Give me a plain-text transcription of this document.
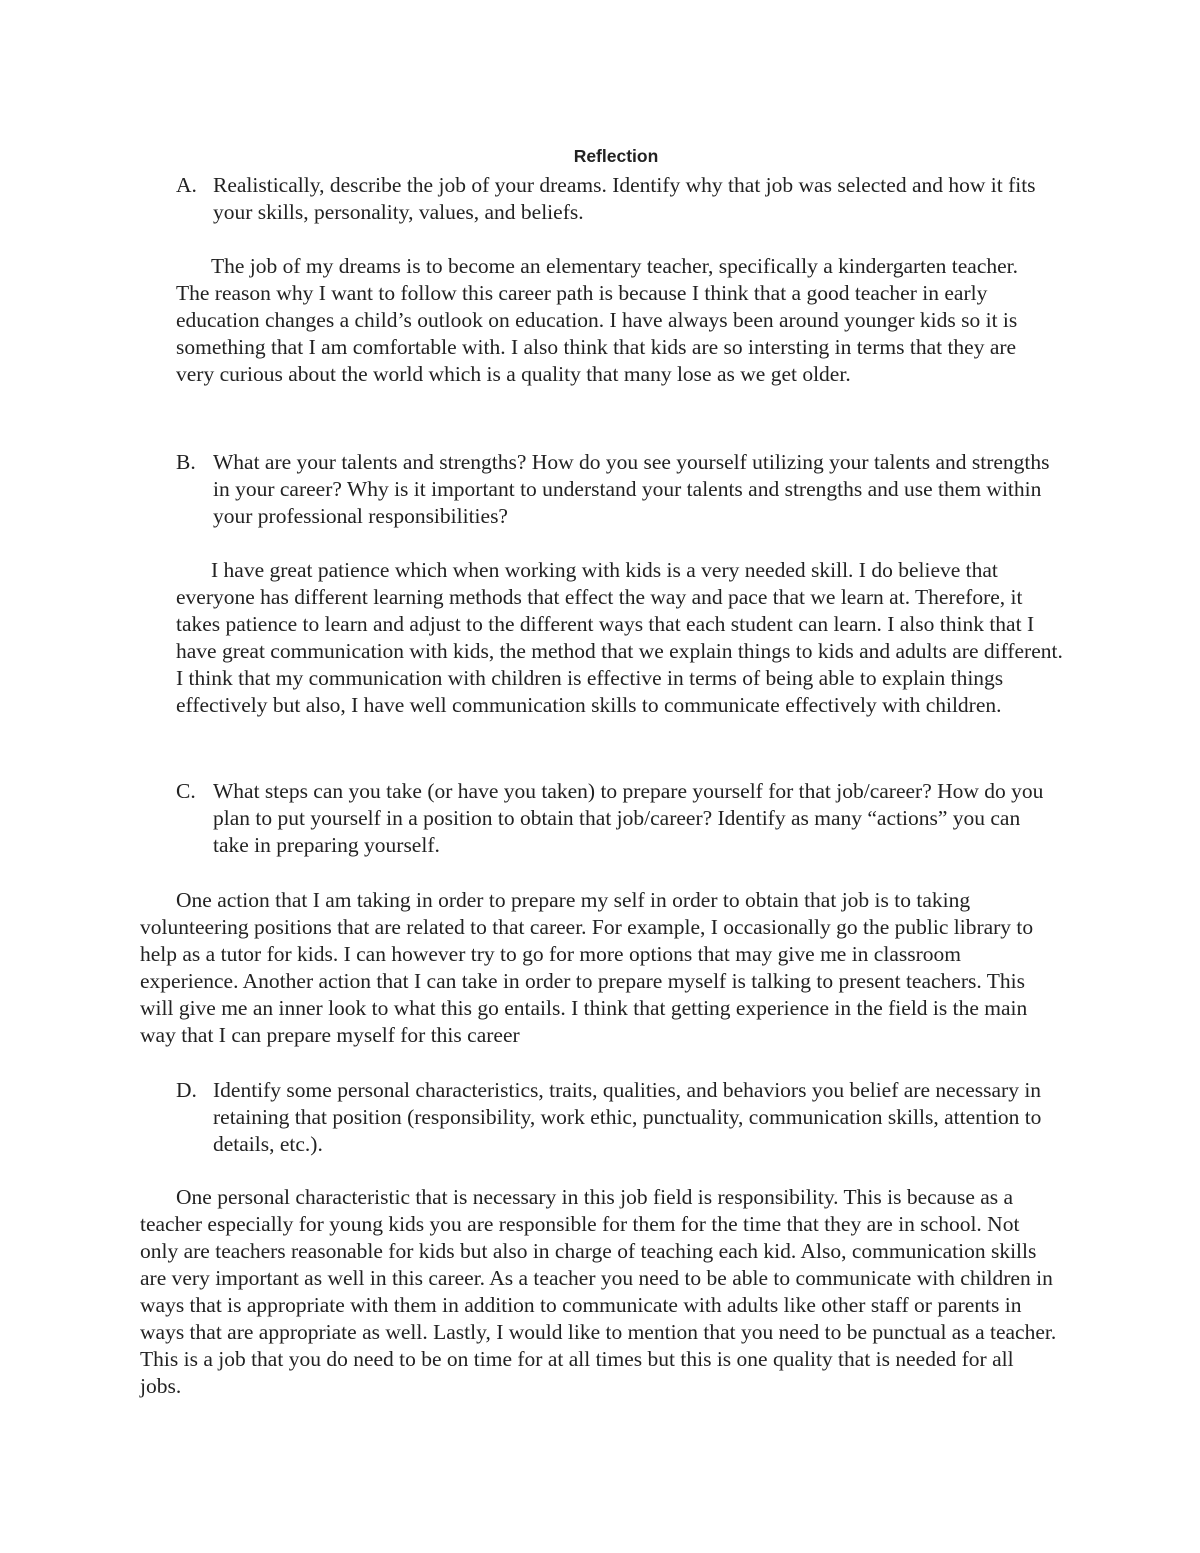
Reflection
A. Realistically, describe the job of your dreams. Identify why that job was selected and how it fits your skills, personality, values, and beliefs.

The job of my dreams is to become an elementary teacher, specifically a kindergarten teacher. The reason why I want to follow this career path is because I think that a good teacher in early education changes a child’s outlook on education. I have always been around younger kids so it is something that I am comfortable with. I also think that kids are so intersting in terms that they are very curious about the world which is a quality that many lose as we get older.

B. What are your talents and strengths? How do you see yourself utilizing your talents and strengths in your career? Why is it important to understand your talents and strengths and use them within your professional responsibilities?

I have great patience which when working with kids is a very needed skill. I do believe that everyone has different learning methods that effect the way and pace that we learn at. Therefore, it takes patience to learn and adjust to the different ways that each student can learn. I also think that I have great communication with kids, the method that we explain things to kids and adults are different. I think that my communication with children is effective in terms of being able to explain things effectively but also, I have well communication skills to communicate effectively with children.

C. What steps can you take (or have you taken) to prepare yourself for that job/career? How do you plan to put yourself in a position to obtain that job/career? Identify as many “actions” you can take in preparing yourself.

One action that I am taking in order to prepare my self in order to obtain that job is to taking volunteering positions that are related to that career. For example, I occasionally go the public library to help as a tutor for kids. I can however try to go for more options that may give me in classroom experience. Another action that I can take in order to prepare myself is talking to present teachers. This will give me an inner look to what this go entails. I think that getting experience in the field is the main way that I can prepare myself for this career

D. Identify some personal characteristics, traits, qualities, and behaviors you belief are necessary in retaining that position (responsibility, work ethic, punctuality, communication skills, attention to details, etc.).

One personal characteristic that is necessary in this job field is responsibility. This is because as a teacher especially for young kids you are responsible for them for the time that they are in school. Not only are teachers reasonable for kids but also in charge of teaching each kid. Also, communication skills are very important as well in this career. As a teacher you need to be able to communicate with children in ways that is appropriate with them in addition to communicate with adults like other staff or parents in ways that are appropriate as well. Lastly, I would like to mention that you need to be punctual as a teacher. This is a job that you do need to be on time for at all times but this is one quality that is needed for all jobs.
